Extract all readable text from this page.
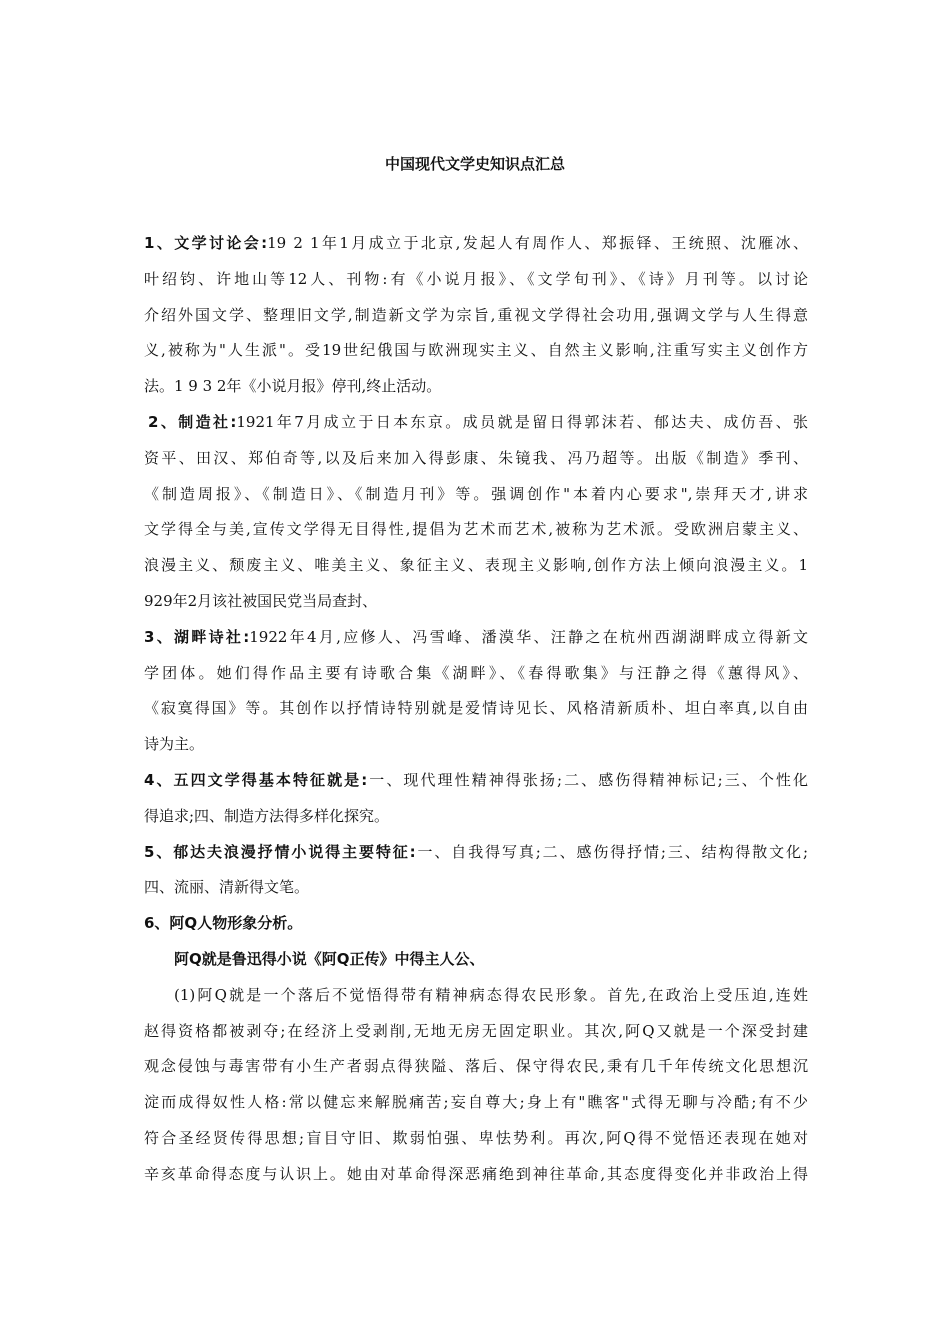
中国现代文学史知识点汇总
1、文学讨论会:19 2 1年1月成立于北京,发起人有周作人、郑振铎、王统照、沈雁冰、
叶绍钧、许地山等12人、刊物:有《小说月报》、《文学旬刊》、《诗》月刊等。以讨论
介绍外国文学、整理旧文学,制造新文学为宗旨,重视文学得社会功用,强调文学与人生得意
义,被称为"人生派"。受19世纪俄国与欧洲现实主义、自然主义影响,注重写实主义创作方
法。1 9 3 2年《小说月报》停刊,终止活动。
2、制造社:1921年7月成立于日本东京。成员就是留日得郭沫若、郁达夫、成仿吾、张
资平、田汉、郑伯奇等,以及后来加入得彭康、朱镜我、冯乃超等。出版《制造》季刊、
《制造周报》、《制造日》、《制造月刊》等。强调创作"本着内心要求",崇拜天才,讲求
文学得全与美,宣传文学得无目得性,提倡为艺术而艺术,被称为艺术派。受欧洲启蒙主义、
浪漫主义、颓废主义、唯美主义、象征主义、表现主义影响,创作方法上倾向浪漫主义。1
929年2月该社被国民党当局查封、
3、湖畔诗社:1922年4月,应修人、冯雪峰、潘漠华、汪静之在杭州西湖湖畔成立得新文
学团体。她们得作品主要有诗歌合集《湖畔》、《春得歌集》与汪静之得《蕙得风》、
《寂寞得国》等。其创作以抒情诗特别就是爱情诗见长、风格清新质朴、坦白率真,以自由
诗为主。
4、五四文学得基本特征就是:一、现代理性精神得张扬;二、感伤得精神标记;三、个性化
得追求;四、制造方法得多样化探究。
5、郁达夫浪漫抒情小说得主要特征:一、自我得写真;二、感伤得抒情;三、结构得散文化;
四、流丽、清新得文笔。
6、阿Q人物形象分析。
阿Q就是鲁迅得小说《阿Q正传》中得主人公、
(1)阿Q就是一个落后不觉悟得带有精神病态得农民形象。首先,在政治上受压迫,连姓
赵得资格都被剥夺;在经济上受剥削,无地无房无固定职业。其次,阿Q又就是一个深受封建
观念侵蚀与毒害带有小生产者弱点得狭隘、落后、保守得农民,秉有几千年传统文化思想沉
淀而成得奴性人格:常以健忘来解脱痛苦;妄自尊大;身上有"瞧客"式得无聊与冷酷;有不少
符合圣经贤传得思想;盲目守旧、欺弱怕强、卑怯势利。再次,阿Q得不觉悟还表现在她对
辛亥革命得态度与认识上。她由对革命得深恶痛绝到神往革命,其态度得变化并非政治上得
